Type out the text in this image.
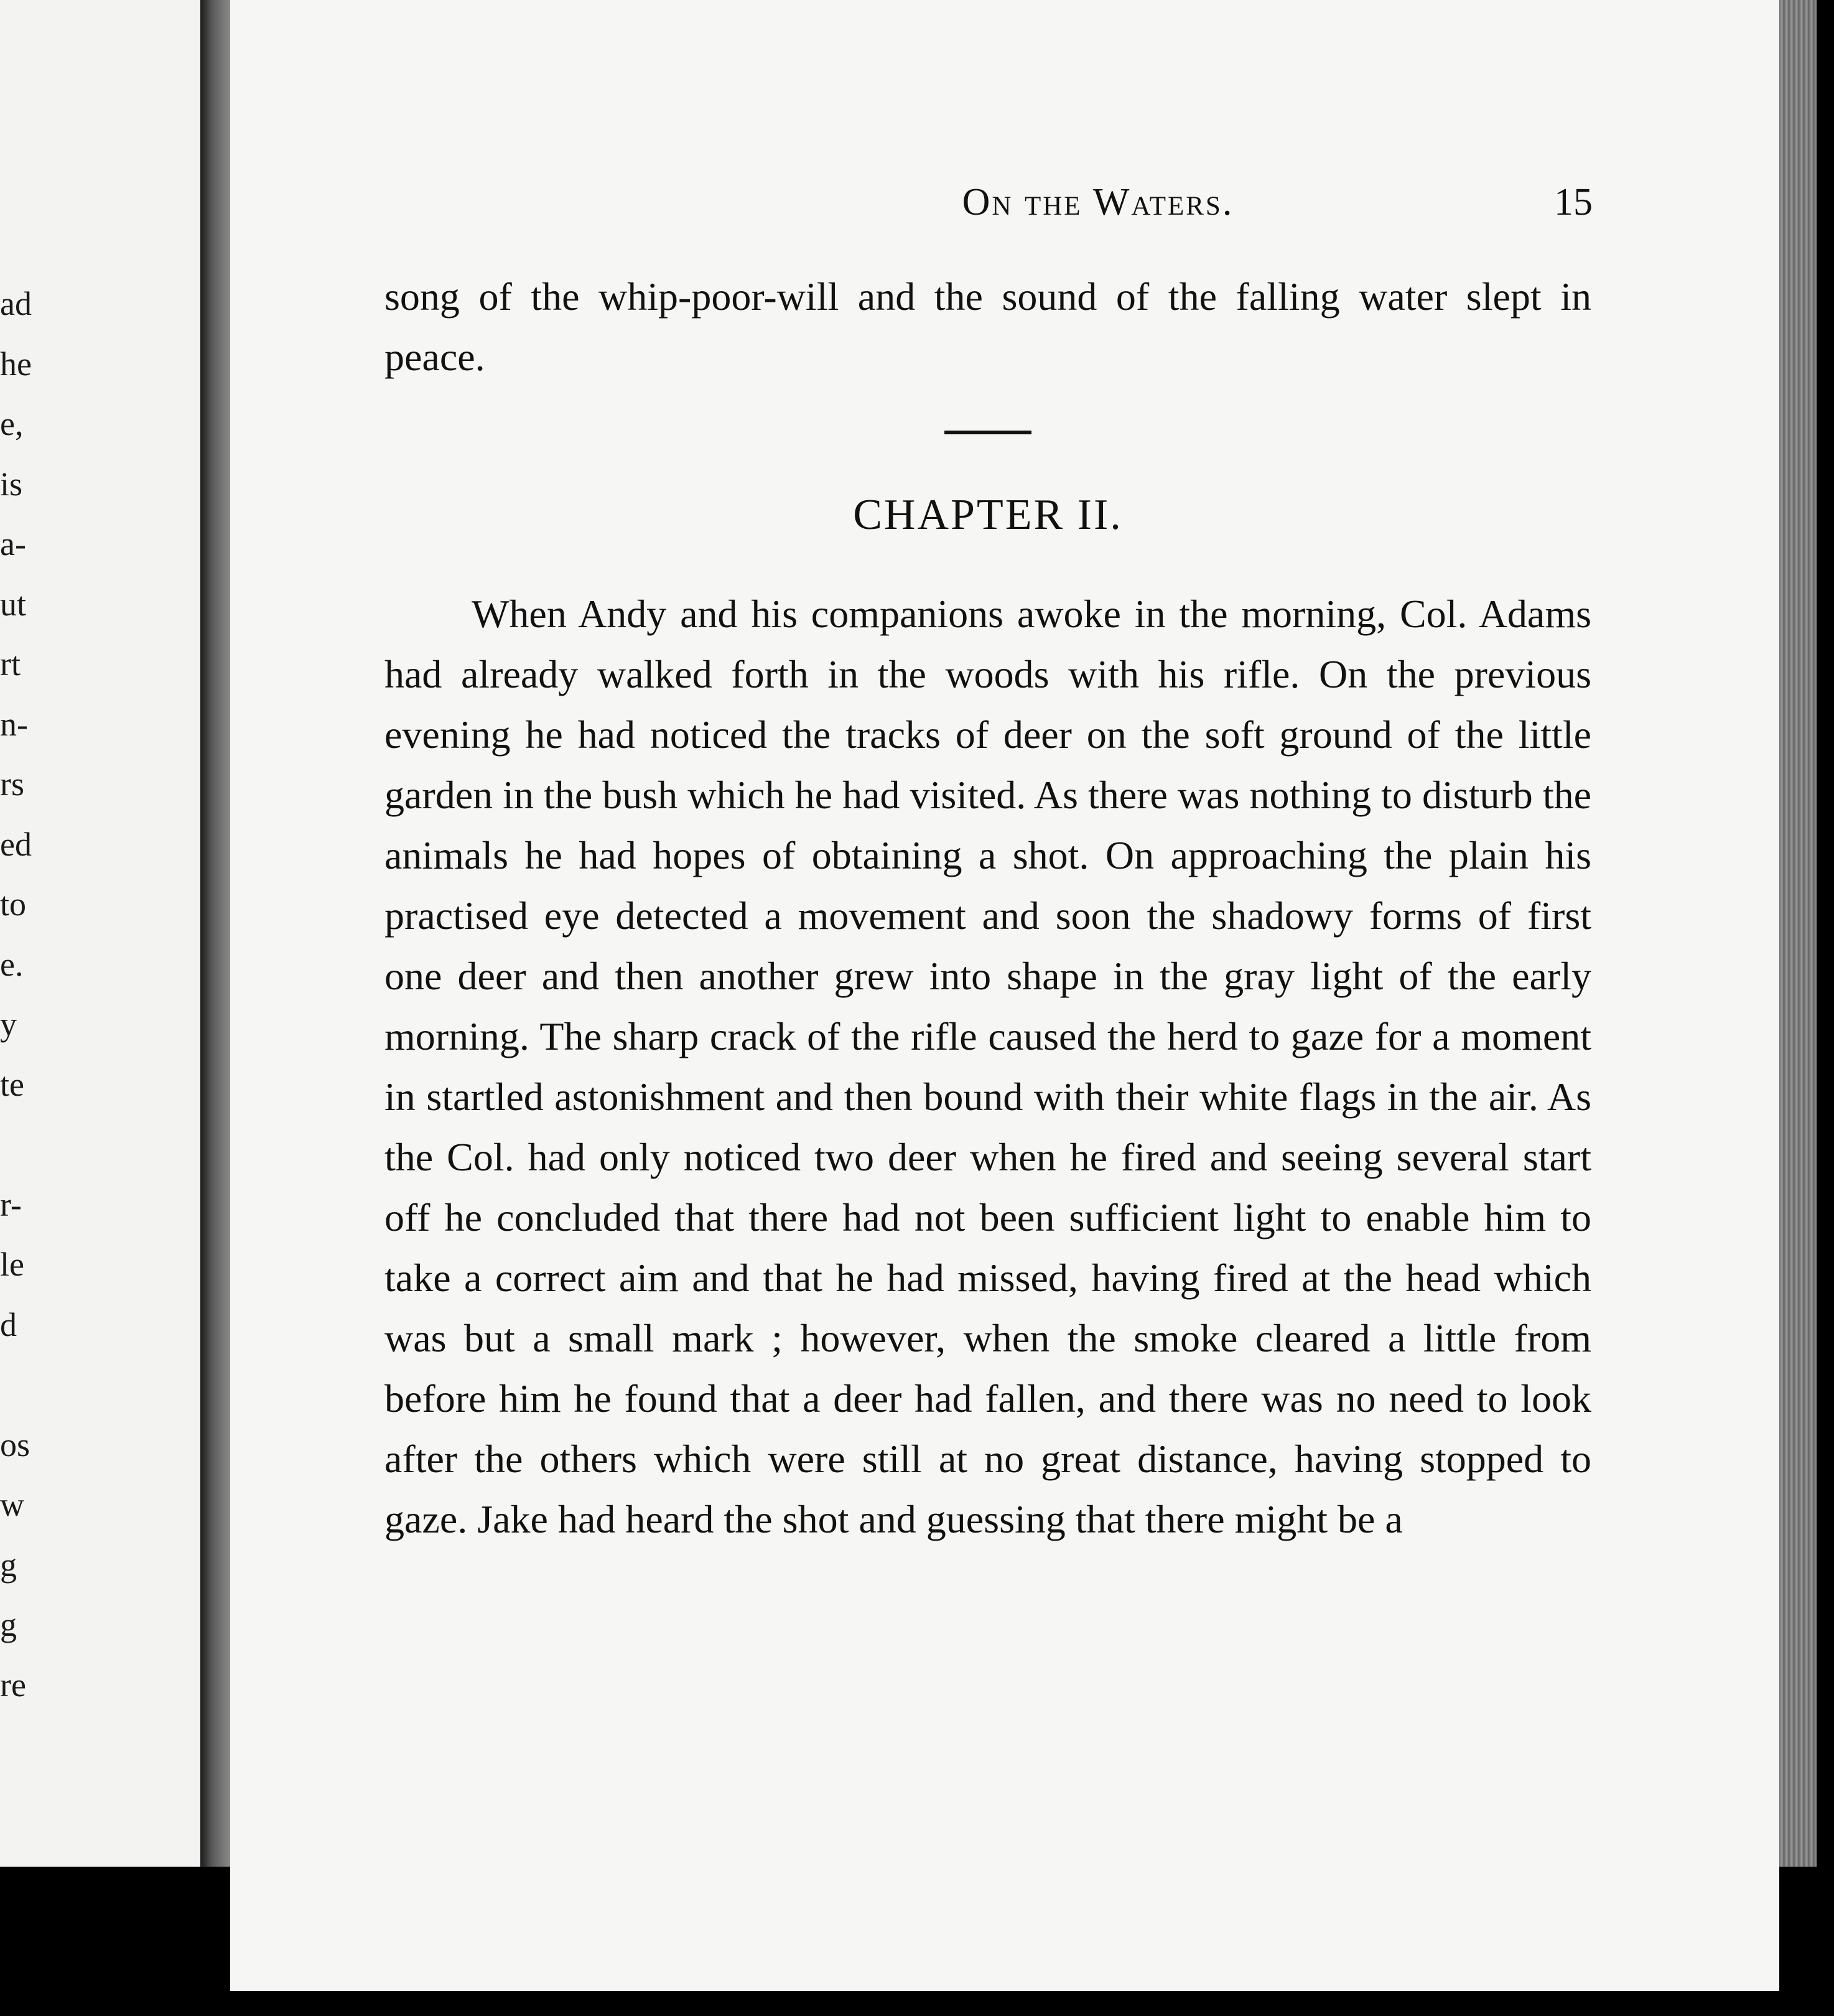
ad
he
e,
is
a-
ut
rt
n-
rs
ed
to
e.
y
te
r-
le
d
os
w
g
g
re
On the Waters.	15

song of the whip-poor-will and the sound of the falling water slept in peace.

CHAPTER II.

When Andy and his companions awoke in the morning, Col. Adams had already walked forth in the woods with his rifle. On the previous evening he had noticed the tracks of deer on the soft ground of the little garden in the bush which he had visited. As there was nothing to disturb the animals he had hopes of obtaining a shot. On approaching the plain his practised eye detected a movement and soon the shadowy forms of first one deer and then another grew into shape in the gray light of the early morning. The sharp crack of the rifle caused the herd to gaze for a moment in startled astonishment and then bound with their white flags in the air. As the Col. had only noticed two deer when he fired and seeing several start off he concluded that there had not been sufficient light to enable him to take a correct aim and that he had missed, having fired at the head which was but a small mark ; however, when the smoke cleared a little from before him he found that a deer had fallen, and there was no need to look after the others which were still at no great distance, having stopped to gaze. Jake had heard the shot and guessing that there might be a
